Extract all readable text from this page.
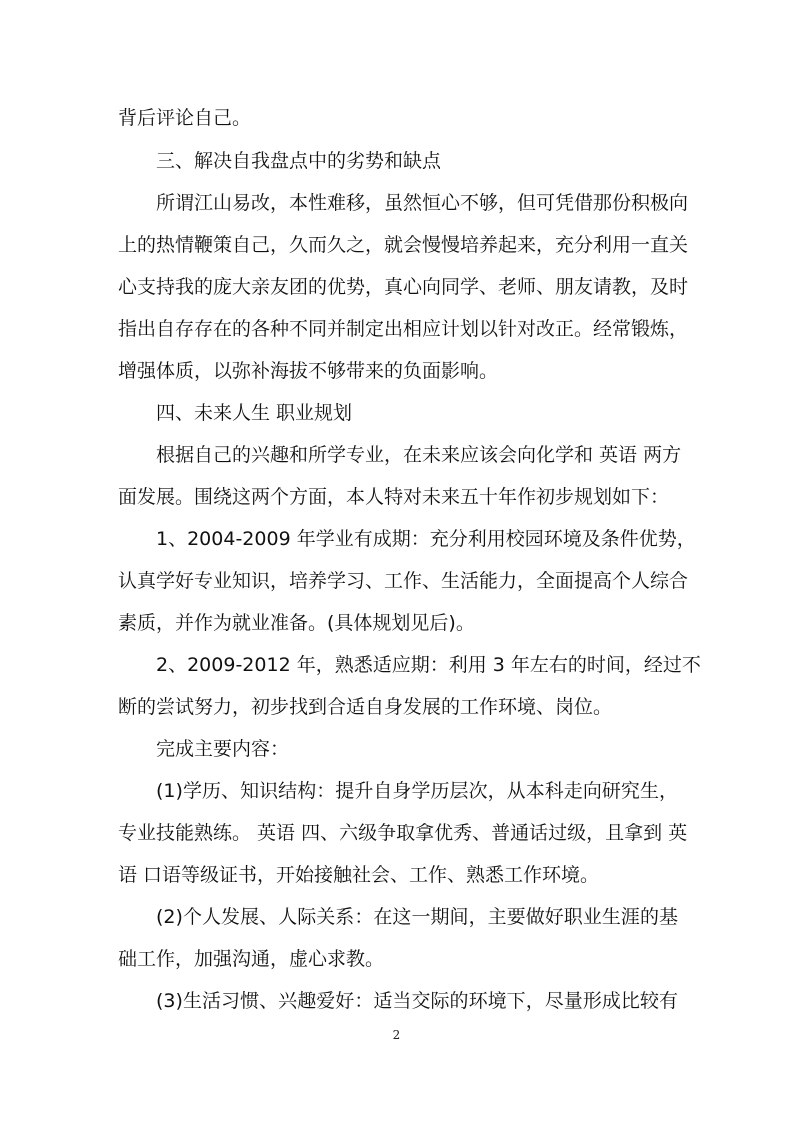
背后评论自己。
三、解决自我盘点中的劣势和缺点
所谓江山易改，本性难移，虽然恒心不够，但可凭借那份积极向
上的热情鞭策自己，久而久之，就会慢慢培养起来，充分利用一直关
心支持我的庞大亲友团的优势，真心向同学、老师、朋友请教，及时
指出自存存在的各种不同并制定出相应计划以针对改正。经常锻炼，
增强体质，以弥补海拔不够带来的负面影响。
四、未来人生 职业规划
根据自己的兴趣和所学专业，在未来应该会向化学和 英语 两方
面发展。围绕这两个方面，本人特对未来五十年作初步规划如下：
1、2004-2009 年学业有成期：充分利用校园环境及条件优势，
认真学好专业知识，培养学习、工作、生活能力，全面提高个人综合
素质，并作为就业准备。(具体规划见后)。
2、2009-2012 年，熟悉适应期：利用 3 年左右的时间，经过不
断的尝试努力，初步找到合适自身发展的工作环境、岗位。
完成主要内容：
(1)学历、知识结构：提升自身学历层次，从本科走向研究生，
专业技能熟练。 英语 四、六级争取拿优秀、普通话过级，且拿到 英
语 口语等级证书，开始接触社会、工作、熟悉工作环境。
(2)个人发展、人际关系：在这一期间，主要做好职业生涯的基
础工作，加强沟通，虚心求教。
(3)生活习惯、兴趣爱好：适当交际的环境下，尽量形成比较有
2
